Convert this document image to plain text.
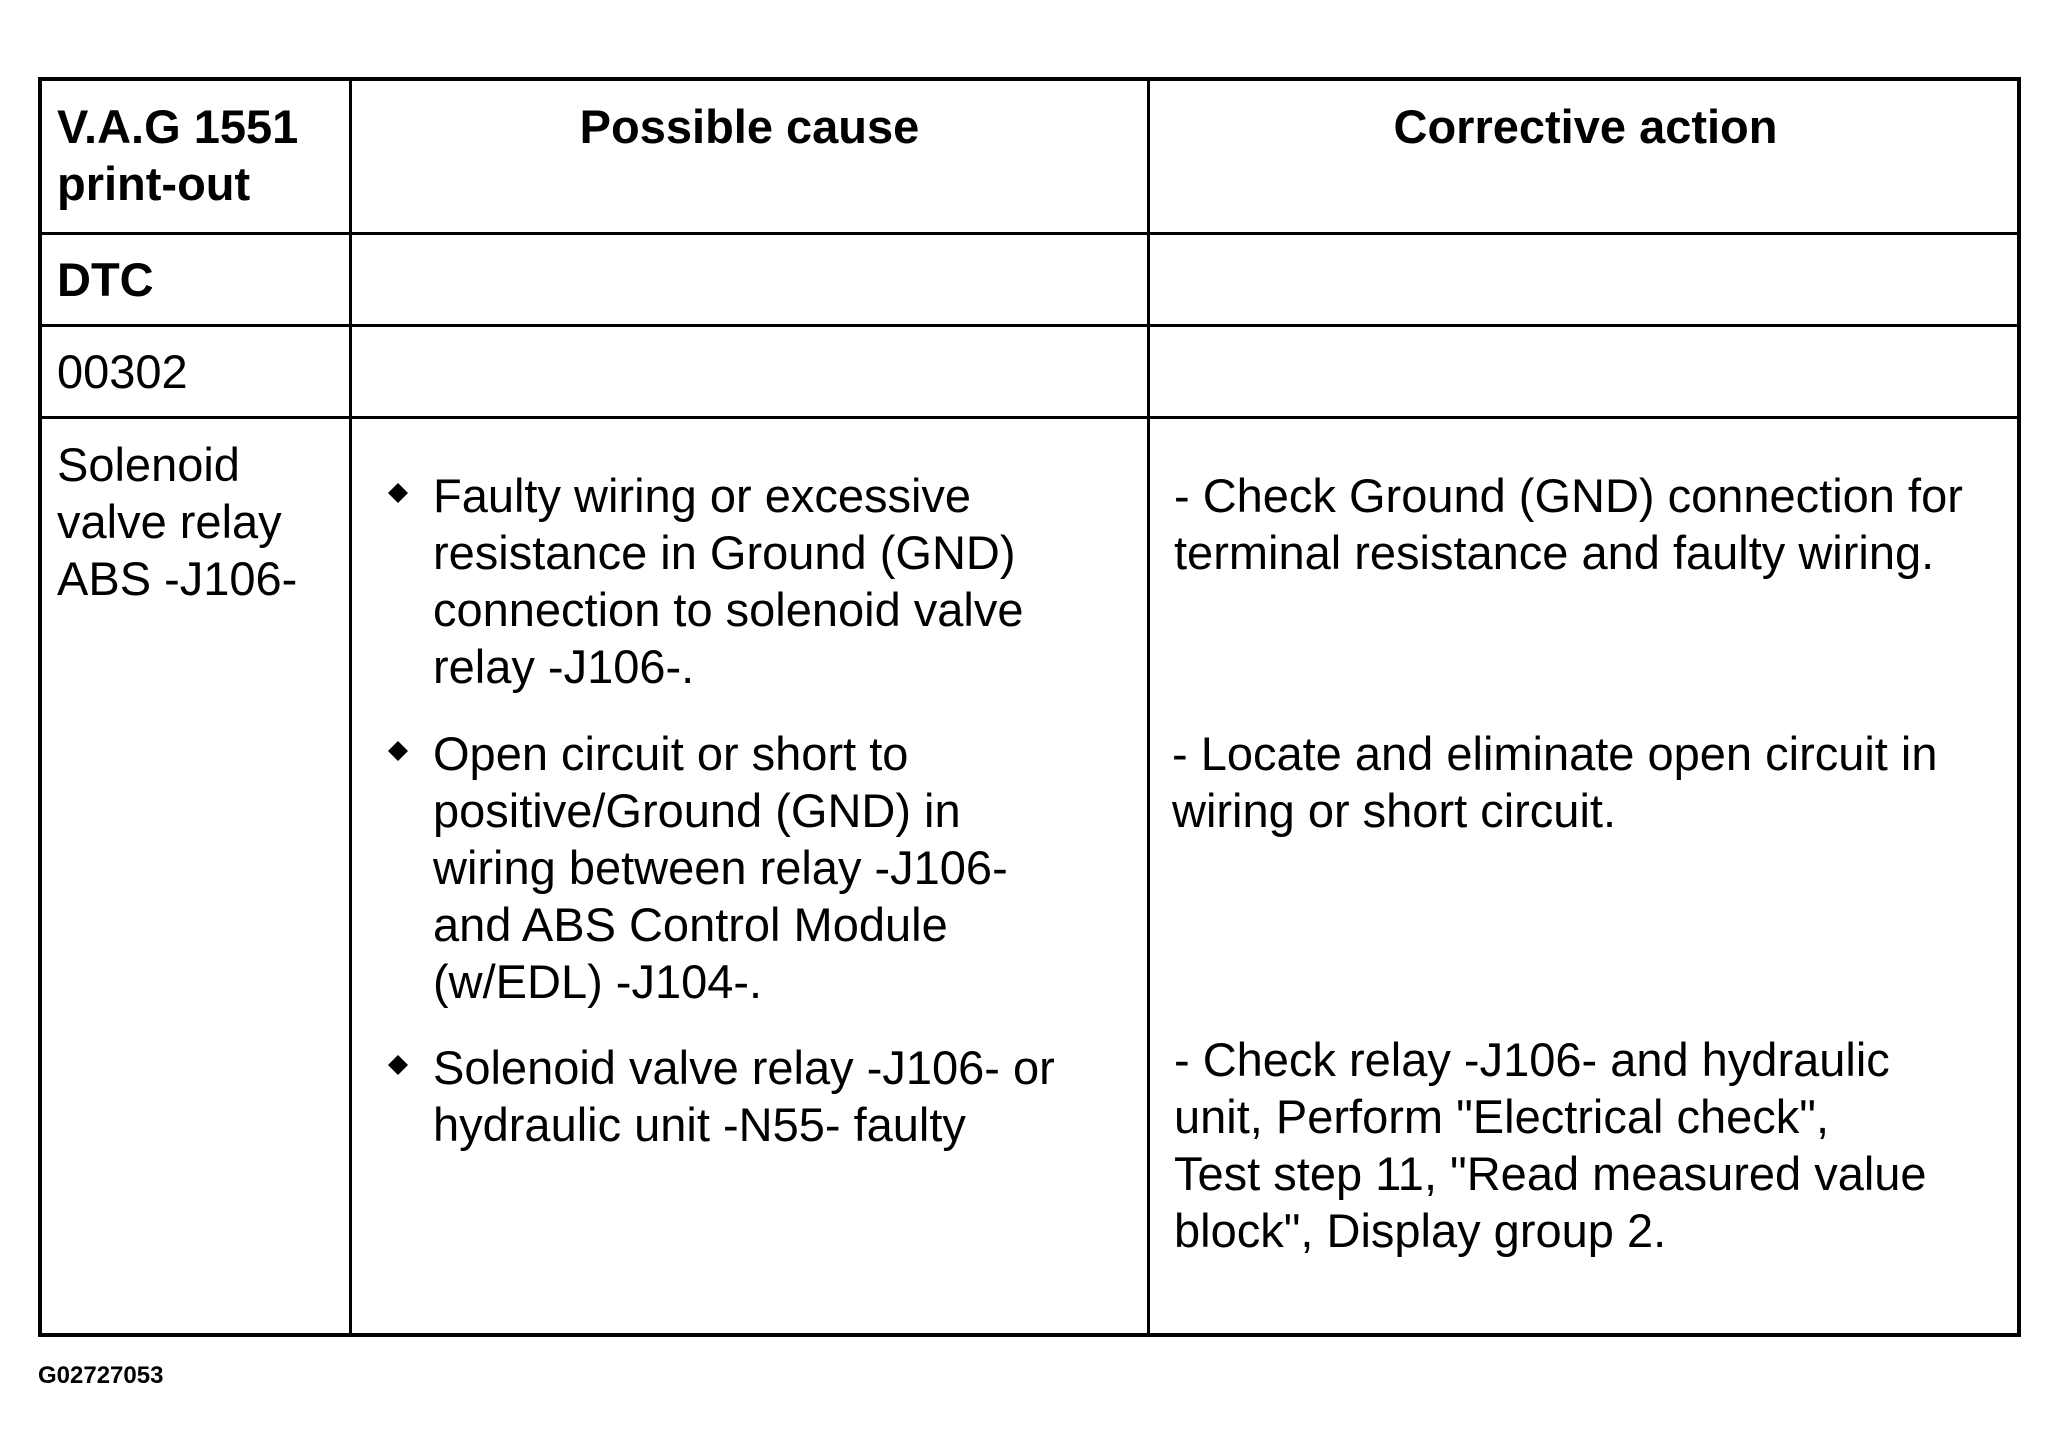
V.A.G 1551
print-out
Possible cause	Corrective action
DTC
00302
Solenoid
valve relay
ABS -J106-
Faulty wiring or excessive
resistance in Ground (GND)
connection to solenoid valve
relay -J106-.
Open circuit or short to
positive/Ground (GND) in
wiring between relay -J106-
and ABS Control Module
(w/EDL) -J104-.
Solenoid valve relay -J106- or
hydraulic unit -N55- faulty
- Check Ground (GND) connection for
terminal resistance and faulty wiring.
- Locate and eliminate open circuit in
wiring or short circuit.
- Check relay -J106- and hydraulic
unit, Perform "Electrical check",
Test step 11, "Read measured value
block", Display group 2.
G02727053
